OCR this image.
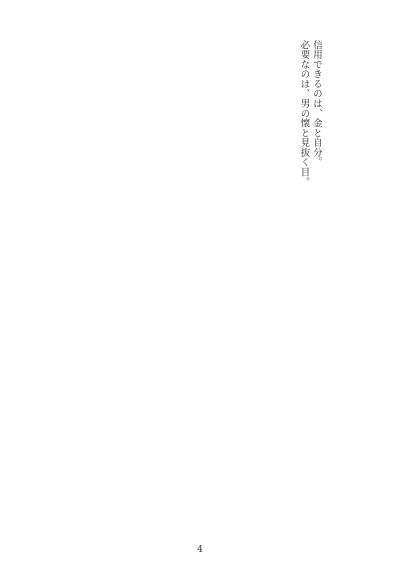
信用できるのは、金と自分。
必要なのは、男の懐と見抜く目。
4
